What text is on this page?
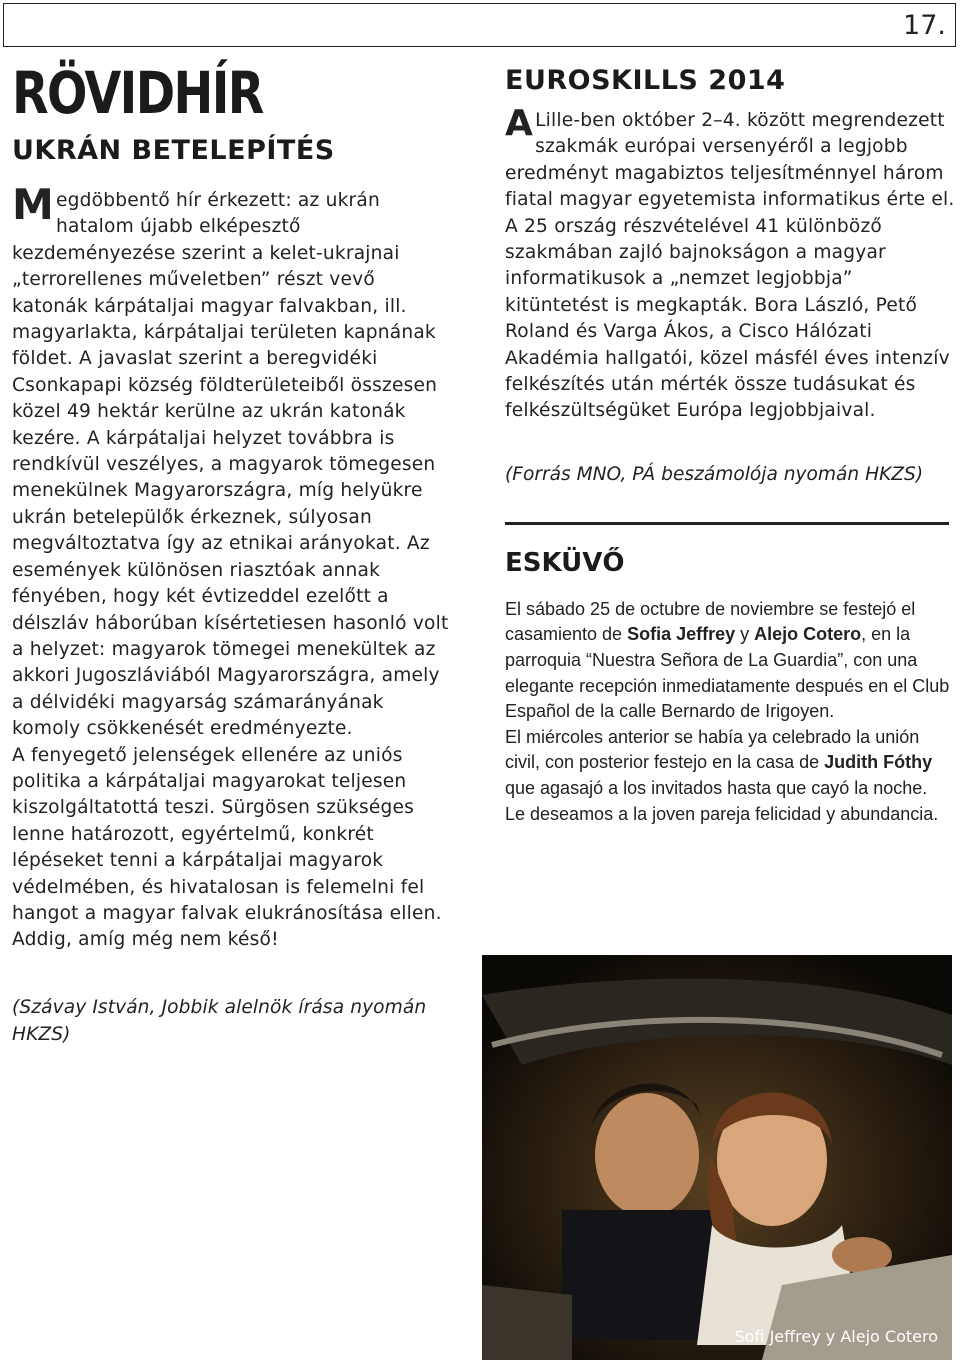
17.
RÖVIDHÍR
UKRÁN BETELEPÍTÉS

Megdöbbentő hír érkezett: az ukrán hatalom újabb elképesztő kezdeményezése szerint a kelet-ukrajnai „terrorellenes műveletben” részt vevő katonák kárpátaljai magyar falvakban, ill. magyarlakta, kárpátaljai területen kapnának földet. A javaslat szerint a beregvidéki Csonkapapi község földterületeiből összesen közel 49 hektár kerülne az ukrán katonák kezére. A kárpátaljai helyzet továbbra is rendkívül veszélyes, a magyarok tömegesen menekülnek Magyarországra, míg helyükre ukrán betelepülők érkeznek, súlyosan megváltoztatva így az etnikai arányokat. Az események különösen riasztóak annak fényében, hogy két évtizeddel ezelőtt a délszláv háborúban kísértetiesen hasonló volt a helyzet: magyarok tömegei menekültek az akkori Jugoszláviából Magyarországra, amely a délvidéki magyarság számarányának komoly csökkenését eredményezte.

A fenyegető jelenségek ellenére az uniós politika a kárpátaljai magyarokat teljesen kiszolgáltatottá teszi. Sürgösen szükséges lenne határozott, egyértelmű, konkrét lépéseket tenni a kárpátaljai magyarok védelmében, és hivatalosan is felemelni fel hangot a magyar falvak elukránosítása ellen. Addig, amíg még nem késő!

(Szávay István, Jobbik alelnök írása nyomán HKZS)
EUROSKILLS 2014
A Lille-ben október 2–4. között megrendezett szakmák európai versenyéről a legjobb eredményt magabiztos teljesítménnyel három fiatal magyar egyetemista informatikus érte el. A 25 ország részvételével 41 különböző szakmában zajló bajnokságon a magyar informatikusok a „nemzet legjobbja” kitüntetést is megkapták. Bora László, Pető Roland és Varga Ákos, a Cisco Hálózati Akadémia hallgatói, közel másfél éves intenzív felkészítés után mérték össze tudásukat és felkészültségüket Európa legjobbjaival.
(Forrás MNO, PÁ beszámolója nyomán HKZS)
ESKÜVŐ

El sábado 25 de octubre de noviembre se festejó el casamiento de Sofia Jeffrey y Alejo Cotero, en la parroquia “Nuestra Señora de La Guardia”, con una elegante recepción inmediatamente después en el Club Español de la calle Bernardo de Irigoyen.

El miércoles anterior se había ya celebrado la unión civil, con posterior festejo en la casa de Judith Fóthy que agasajó a los invitados hasta que cayó la noche.

Le deseamos a la joven pareja felicidad y abundancia.

Sofi Jeffrey y Alejo Cotero
